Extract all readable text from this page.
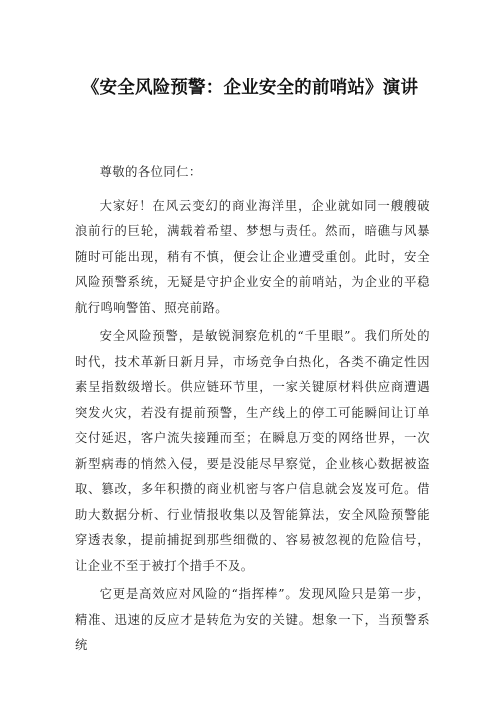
《安全风险预警：企业安全的前哨站》演讲

尊敬的各位同仁：

大家好！在风云变幻的商业海洋里，企业就如同一艘艘破浪前行的巨轮，满载着希望、梦想与责任。然而，暗礁与风暴随时可能出现，稍有不慎，便会让企业遭受重创。此时，安全风险预警系统，无疑是守护企业安全的前哨站，为企业的平稳航行鸣响警笛、照亮前路。

安全风险预警，是敏锐洞察危机的“千里眼”。我们所处的时代，技术革新日新月异，市场竞争白热化，各类不确定性因素呈指数级增长。供应链环节里，一家关键原材料供应商遭遇突发火灾，若没有提前预警，生产线上的停工可能瞬间让订单交付延迟，客户流失接踵而至；在瞬息万变的网络世界，一次新型病毒的悄然入侵，要是没能尽早察觉，企业核心数据被盗取、篡改，多年积攒的商业机密与客户信息就会岌岌可危。借助大数据分析、行业情报收集以及智能算法，安全风险预警能穿透表象，提前捕捉到那些细微的、容易被忽视的危险信号，让企业不至于被打个措手不及。

它更是高效应对风险的“指挥棒”。发现风险只是第一步，精准、迅速的反应才是转危为安的关键。想象一下，当预警系统
